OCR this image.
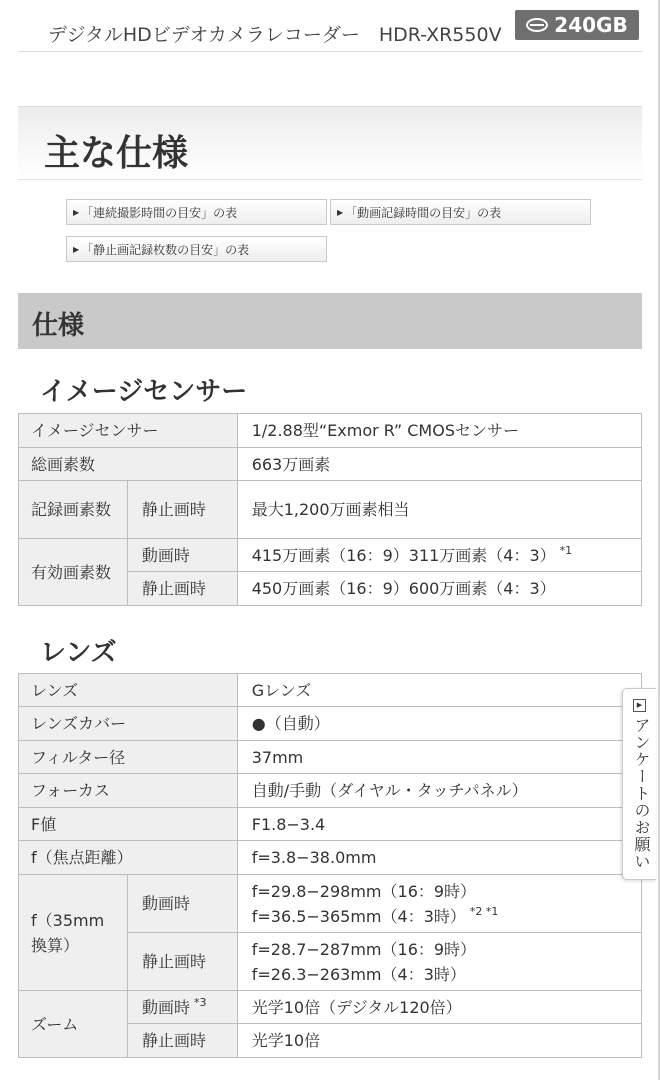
デジタルHDビデオカメラレコーダー　HDR-XR550V	240GB
主な仕様
▶ 「連続撮影時間の目安」の表	▶ 「動画記録時間の目安」の表
▶ 「静止画記録枚数の目安」の表
仕様
イメージセンサー
イメージセンサー		1/2.88型“Exmor R” CMOSセンサー
総画素数		663万画素
記録画素数	静止画時	最大1,200万画素相当
有効画素数	動画時	415万画素（16：9）311万画素（4：3） $^{*1}$
	静止画時	450万画素（16：9）600万画素（4：3）
レンズ
レンズ		Gレンズ
レンズカバー		●（自動）
フィルター径		37mm
フォーカス		自動/手動（ダイヤル・タッチパネル）
F値		F1.8−3.4
f（焦点距離）		f=3.8−38.0mm
f（35mm換算）	動画時	f=29.8−298mm（16：9時）
f=36.5−365mm（4：3時） $^{*2 *1}$

	静止画時	f=28.7−287mm（16：9時）
f=26.3−263mm（4：3時）

ズーム	動画時 $^{*3}$	光学10倍（デジタル120倍）
	静止画時	光学10倍
▶
アンケートのお願い
